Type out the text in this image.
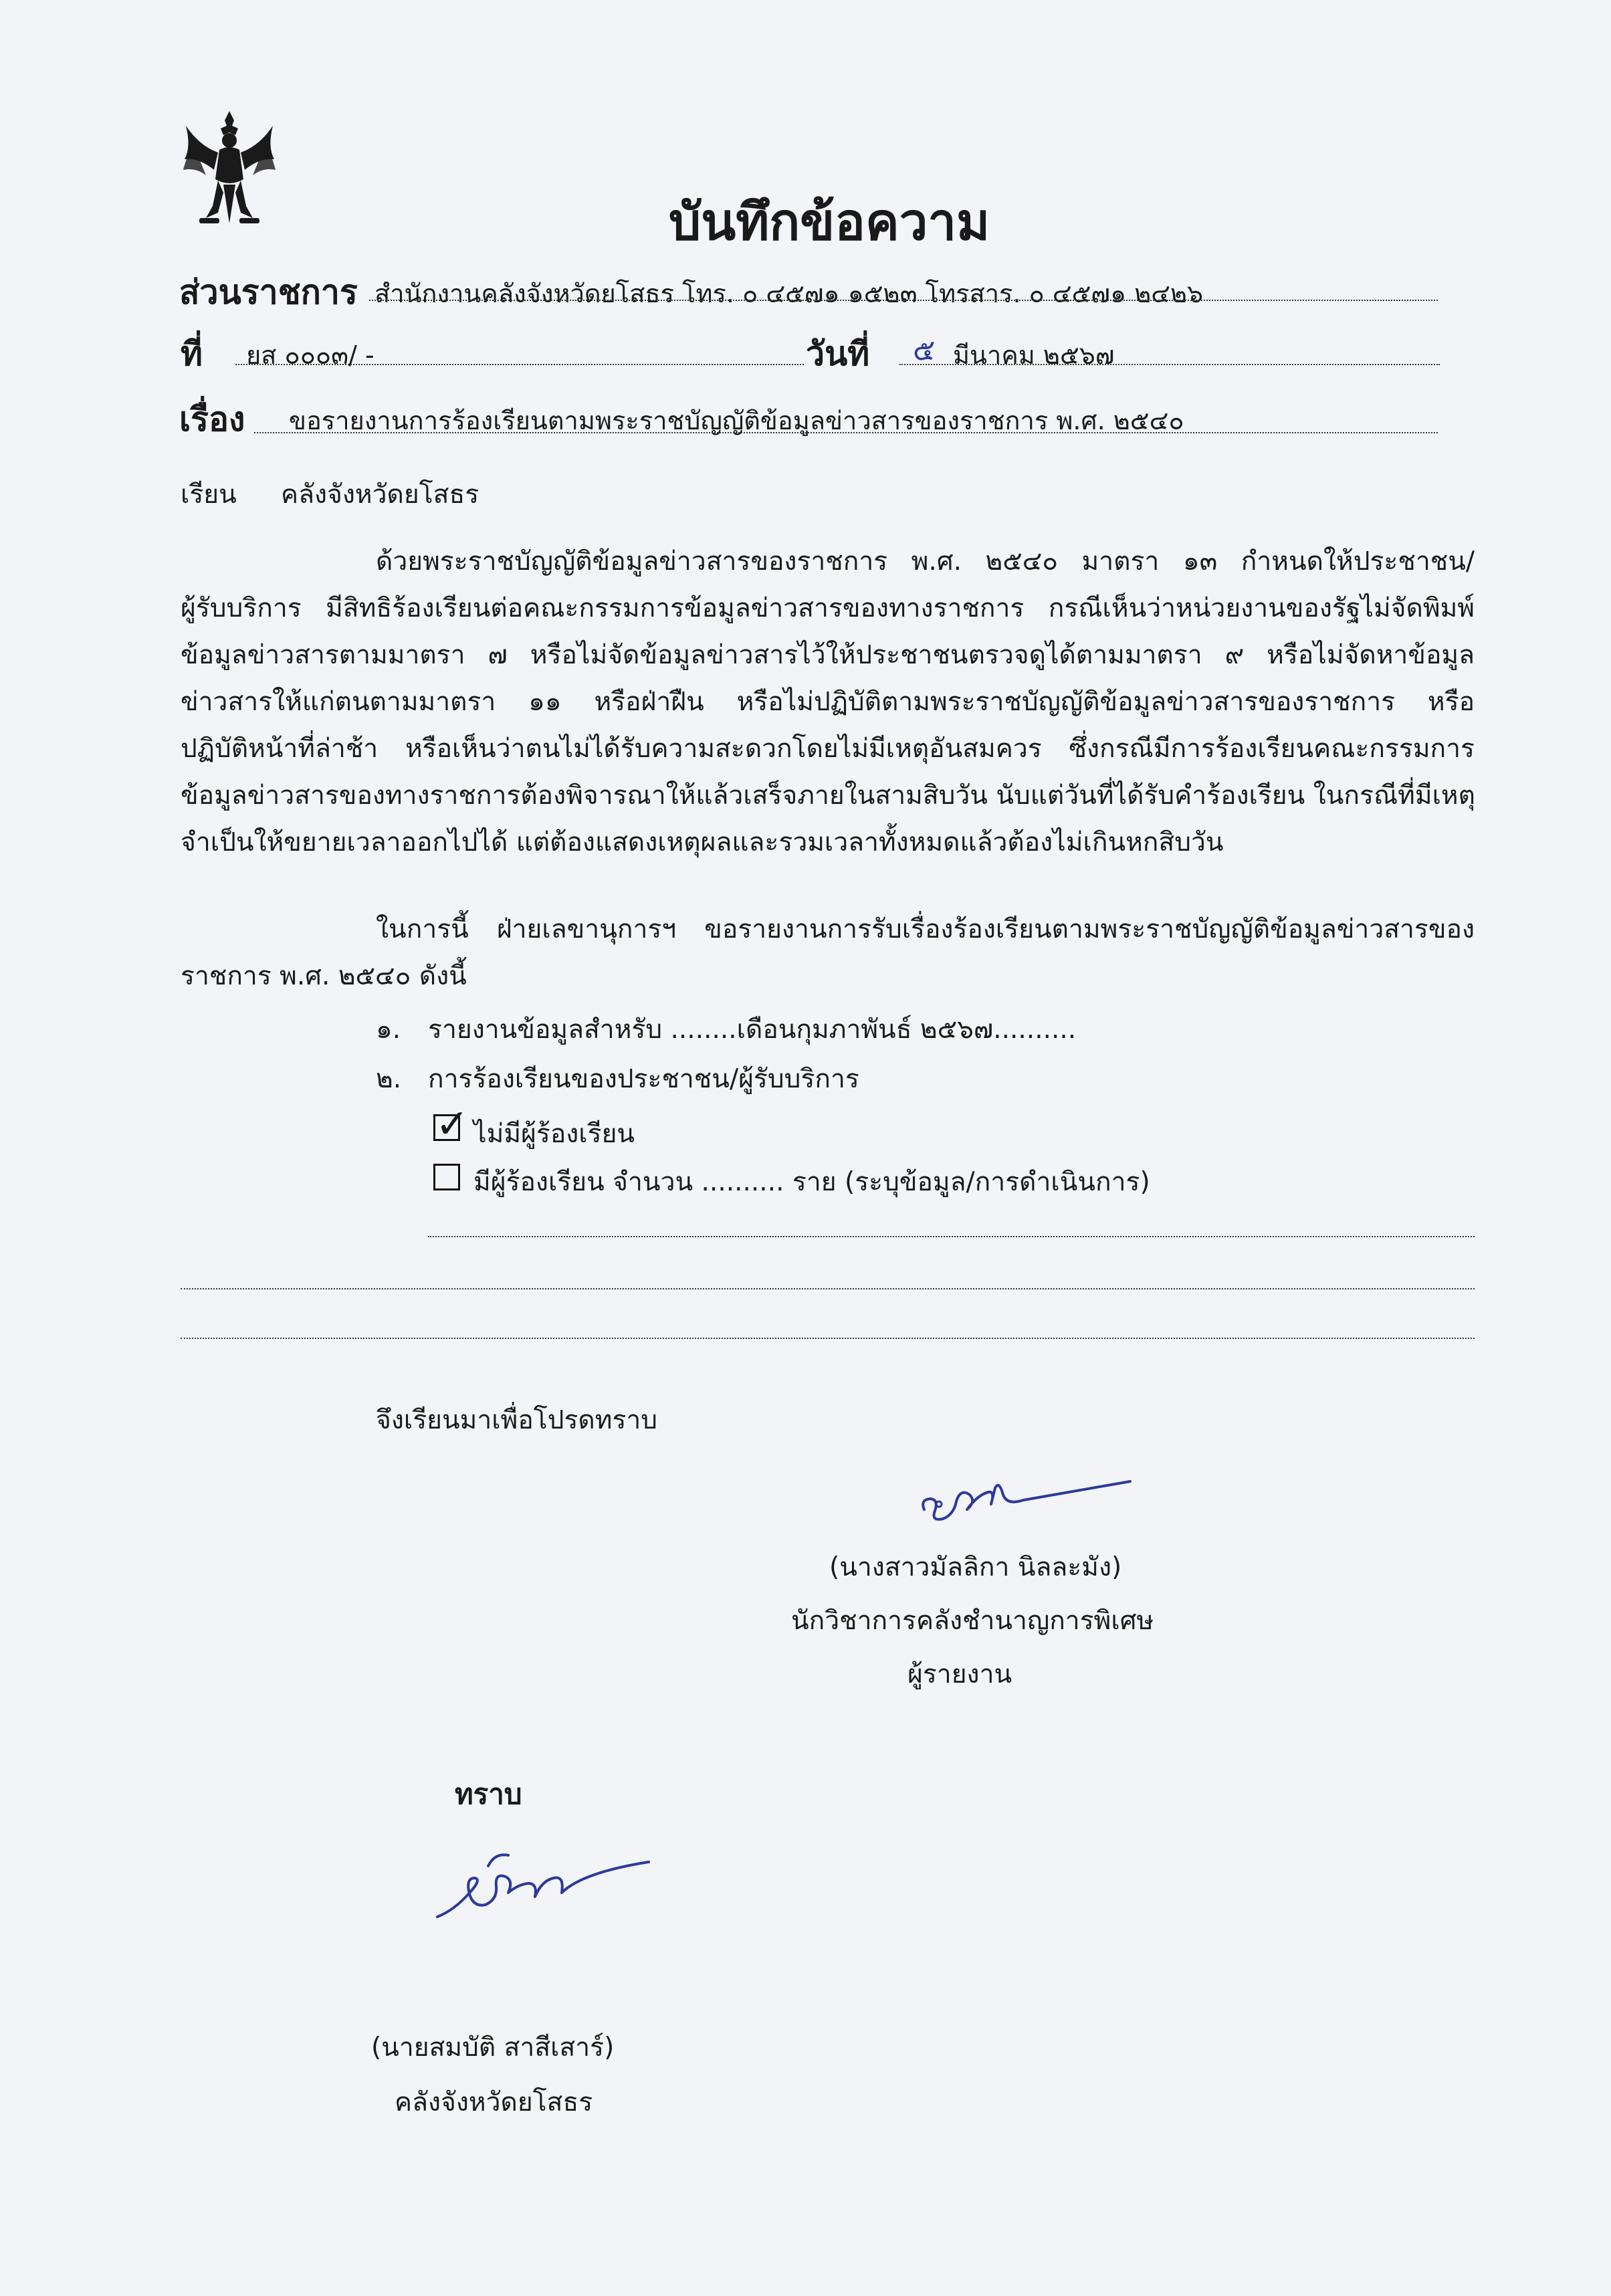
บันทึกข้อความ
ส่วนราชการ สำนักงานคลังจังหวัดยโสธร โทร. ๐ ๔๕๗๑ ๑๕๒๓ โทรสาร. ๐ ๔๕๗๑ ๒๔๒๖
ที่ ยส ๐๐๐๓/ -	วันที่ ๕ มีนาคม ๒๕๖๗
เรื่อง ขอรายงานการร้องเรียนตามพระราชบัญญัติข้อมูลข่าวสารของราชการ พ.ศ. ๒๕๔๐
เรียน คลังจังหวัดยโสธร
ด้วยพระราชบัญญัติข้อมูลข่าวสารของราชการ พ.ศ. ๒๕๔๐ มาตรา ๑๓ กำหนดให้ประชาชน/
ผู้รับบริการ มีสิทธิร้องเรียนต่อคณะกรรมการข้อมูลข่าวสารของทางราชการ กรณีเห็นว่าหน่วยงานของรัฐไม่จัดพิมพ์
ข้อมูลข่าวสารตามมาตรา ๗ หรือไม่จัดข้อมูลข่าวสารไว้ให้ประชาชนตรวจดูได้ตามมาตรา ๙ หรือไม่จัดหาข้อมูล
ข่าวสารให้แก่ตนตามมาตรา ๑๑ หรือฝ่าฝืน หรือไม่ปฏิบัติตามพระราชบัญญัติข้อมูลข่าวสารของราชการ หรือ
ปฏิบัติหน้าที่ล่าช้า หรือเห็นว่าตนไม่ได้รับความสะดวกโดยไม่มีเหตุอันสมควร ซึ่งกรณีมีการร้องเรียนคณะกรรมการ
ข้อมูลข่าวสารของทางราชการต้องพิจารณาให้แล้วเสร็จภายในสามสิบวัน นับแต่วันที่ได้รับคำร้องเรียน ในกรณีที่มีเหตุ
จำเป็นให้ขยายเวลาออกไปได้ แต่ต้องแสดงเหตุผลและรวมเวลาทั้งหมดแล้วต้องไม่เกินหกสิบวัน
ในการนี้ ฝ่ายเลขานุการฯ ขอรายงานการรับเรื่องร้องเรียนตามพระราชบัญญัติข้อมูลข่าวสารของ
ราชการ พ.ศ. ๒๕๔๐ ดังนี้
๑. รายงานข้อมูลสำหรับ ........เดือนกุมภาพันธ์ ๒๕๖๗..........
๒. การร้องเรียนของประชาชน/ผู้รับบริการ
✓ ไม่มีผู้ร้องเรียน
มีผู้ร้องเรียน จำนวน .......... ราย (ระบุข้อมูล/การดำเนินการ)
จึงเรียนมาเพื่อโปรดทราบ
(นางสาวมัลลิกา นิลละมัง)
นักวิชาการคลังชำนาญการพิเศษ
ผู้รายงาน
ทราบ
(นายสมบัติ สาสีเสาร์)
คลังจังหวัดยโสธร
